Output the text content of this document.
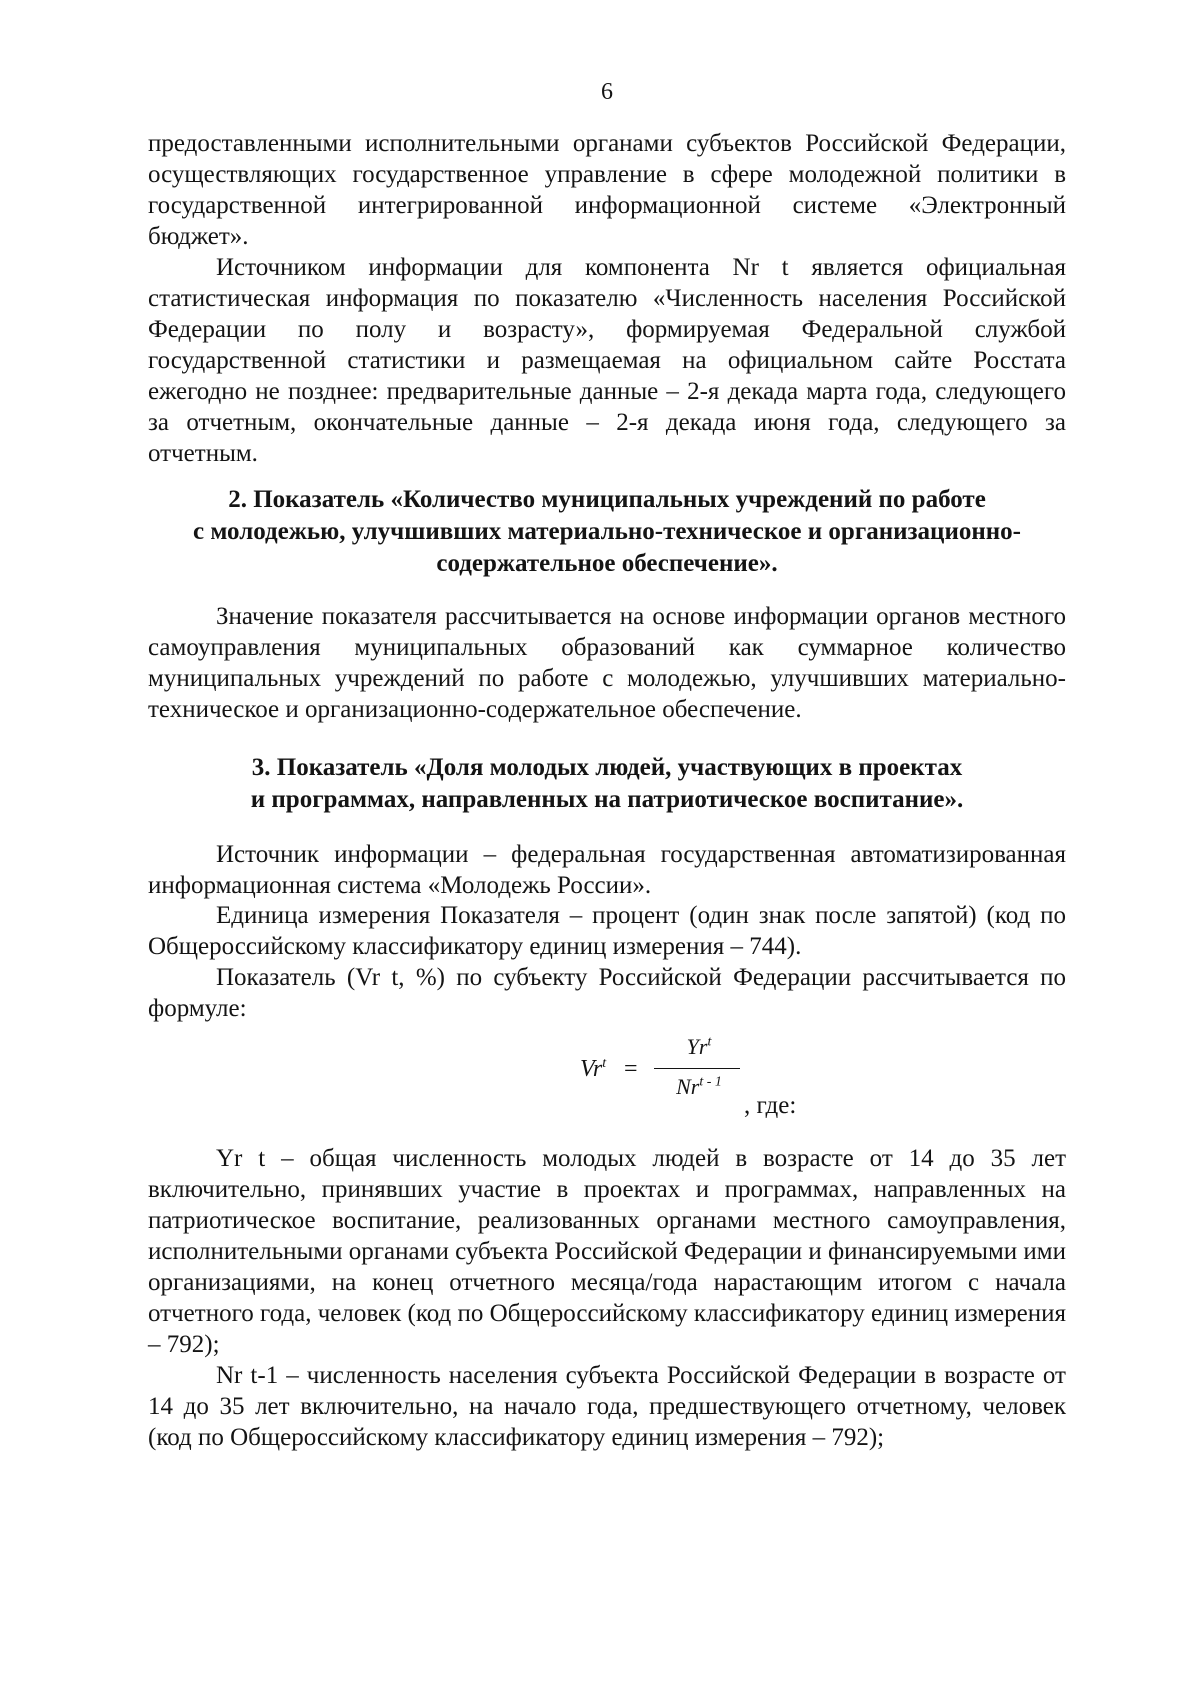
6

предоставленными исполнительными органами субъектов Российской Федерации, осуществляющих государственное управление в сфере молодежной политики в государственной интегрированной информационной системе «Электронный бюджет».

Источником информации для компонента Nr t является официальная статистическая информация по показателю «Численность населения Российской Федерации по полу и возрасту», формируемая Федеральной службой государственной статистики и размещаемая на официальном сайте Росстата ежегодно не позднее: предварительные данные – 2-я декада марта года, следующего за отчетным, окончательные данные – 2-я декада июня года, следующего за отчетным.

2. Показатель «Количество муниципальных учреждений по работе
с молодежью, улучшивших материально-техническое и организационно-
содержательное обеспечение».

Значение показателя рассчитывается на основе информации органов местного самоуправления муниципальных образований как суммарное количество муниципальных учреждений по работе с молодежью, улучшивших материально-техническое и организационно-содержательное обеспечение.

3. Показатель «Доля молодых людей, участвующих в проектах
и программах, направленных на патриотическое воспитание».

Источник информации – федеральная государственная автоматизированная информационная система «Молодежь России».

Единица измерения Показателя – процент (один знак после запятой) (код по Общероссийскому классификатору единиц измерения – 744).

Показатель (Vr t, %) по субъекту Российской Федерации рассчитывается по формуле:

$Vr^t$ =
$Yr^t$
Nr$^{t - 1}$
, где:

Yr t – общая численность молодых людей в возрасте от 14 до 35 лет включительно, принявших участие в проектах и программах, направленных на патриотическое воспитание, реализованных органами местного самоуправления, исполнительными органами субъекта Российской Федерации и финансируемыми ими организациями, на конец отчетного месяца/года нарастающим итогом с начала отчетного года, человек (код по Общероссийскому классификатору единиц измерения – 792);

Nr t-1 – численность населения субъекта Российской Федерации в возрасте от 14 до 35 лет включительно, на начало года, предшествующего отчетному, человек (код по Общероссийскому классификатору единиц измерения – 792);
